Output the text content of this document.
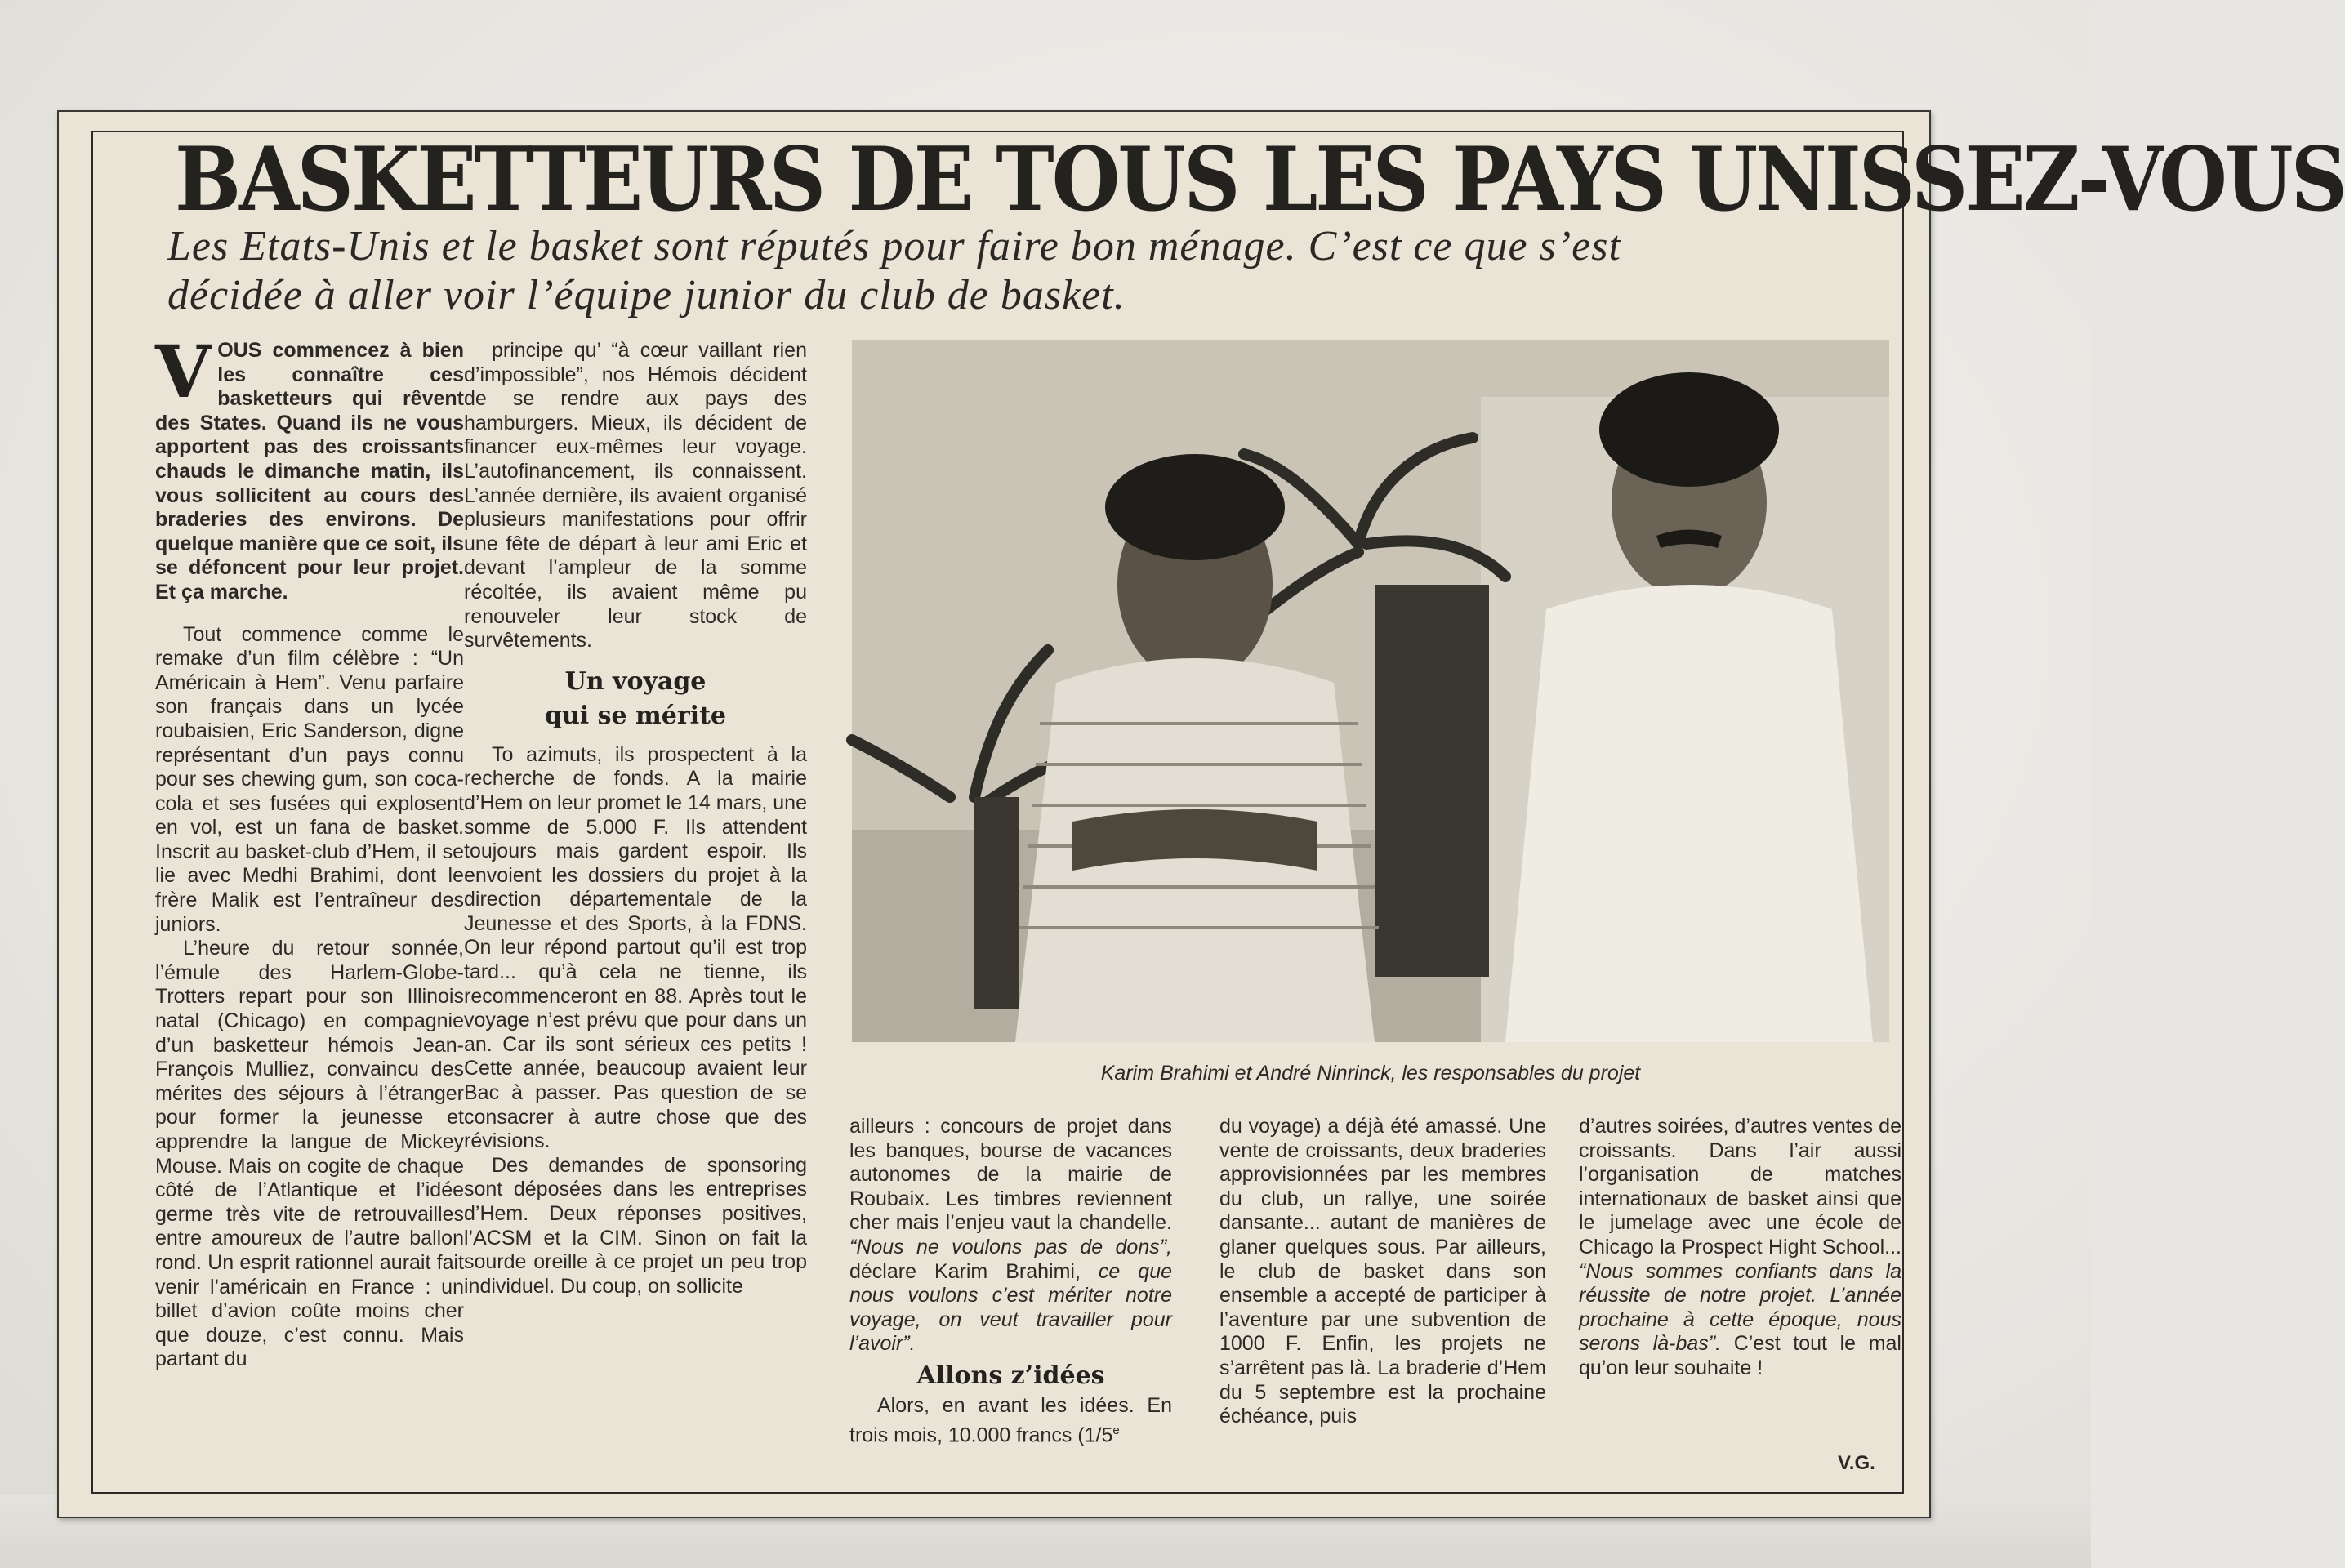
BASKETTEURS DE TOUS LES PAYS UNISSEZ-VOUS
Les Etats-Unis et le basket sont réputés pour faire bon ménage. C’est ce que s’est décidée à aller voir l’équipe junior du club de basket.
V OUS commencez à bien les connaître ces basketteurs qui rêvent des States. Quand ils ne vous apportent pas des croissants chauds le dimanche matin, ils vous sollicitent au cours des braderies des environs. De quelque manière que ce soit, ils se défoncent pour leur projet. Et ça marche.

Tout commence comme le remake d’un film célèbre : “Un Américain à Hem”. Venu parfaire son français dans un lycée roubaisien, Eric Sanderson, digne représentant d’un pays connu pour ses chewing gum, son coca-cola et ses fusées qui explosent en vol, est un fana de basket. Inscrit au basket-club d’Hem, il se lie avec Medhi Brahimi, dont le frère Malik est l’entraîneur des juniors.

L’heure du retour sonnée, l’émule des Harlem-Globe-Trotters repart pour son Illinois natal (Chicago) en compagnie d’un basketteur hémois Jean-François Mulliez, convaincu des mérites des séjours à l’étranger pour former la jeunesse et apprendre la langue de Mickey Mouse. Mais on cogite de chaque côté de l’Atlantique et l’idée germe très vite de retrouvailles entre amoureux de l’autre ballon rond. Un esprit rationnel aurait fait venir l’américain en France : un billet d’avion coûte moins cher que douze, c’est connu. Mais partant du

principe qu’ “à cœur vaillant rien d’impossible”, nos Hémois décident de se rendre aux pays des hamburgers. Mieux, ils décident de financer eux-mêmes leur voyage. L’autofinancement, ils connaissent. L’année dernière, ils avaient organisé plusieurs manifestations pour offrir une fête de départ à leur ami Eric et devant l’ampleur de la somme récoltée, ils avaient même pu renouveler leur stock de survêtements.

Un voyage
qui se mérite

To azimuts, ils prospectent à la recherche de fonds. A la mairie d’Hem on leur promet le 14 mars, une somme de 5.000 F. Ils attendent toujours mais gardent espoir. Ils envoient les dossiers du projet à la direction départementale de la Jeunesse et des Sports, à la FDNS. On leur répond partout qu’il est trop tard... qu’à cela ne tienne, ils recommenceront en 88. Après tout le voyage n’est prévu que pour dans un an. Car ils sont sérieux ces petits ! Cette année, beaucoup avaient leur Bac à passer. Pas question de se consacrer à autre chose que des révisions.

Des demandes de sponsoring sont déposées dans les entreprises d’Hem. Deux réponses positives, l’ACSM et la CIM. Sinon on fait la sourde oreille à ce projet un peu trop individuel. Du coup, on sollicite

Karim Brahimi et André Ninrinck, les responsables du projet

ailleurs : concours de projet dans les banques, bourse de vacances autonomes de la mairie de Roubaix. Les timbres reviennent cher mais l’enjeu vaut la chandelle. “Nous ne voulons pas de dons”, déclare Karim Brahimi, ce que nous voulons c’est mériter notre voyage, on veut travailler pour l’avoir”.

Allons z’idées

Alors, en avant les idées. En trois mois, 10.000 francs (1/5e

du voyage) a déjà été amassé. Une vente de croissants, deux braderies approvisionnées par les membres du club, un rallye, une soirée dansante... autant de manières de glaner quelques sous. Par ailleurs, le club de basket dans son ensemble a accepté de participer à l’aventure par une subvention de 1000 F. Enfin, les projets ne s’arrêtent pas là. La braderie d’Hem du 5 septembre est la prochaine échéance, puis

d’autres soirées, d’autres ventes de croissants. Dans l’air aussi l’organisation de matches internationaux de basket ainsi que le jumelage avec une école de Chicago la Prospect Hight School... “Nous sommes confiants dans la réussite de notre projet. L’année prochaine à cette époque, nous serons là-bas”. C’est tout le mal qu’on leur souhaite !

V.G.
